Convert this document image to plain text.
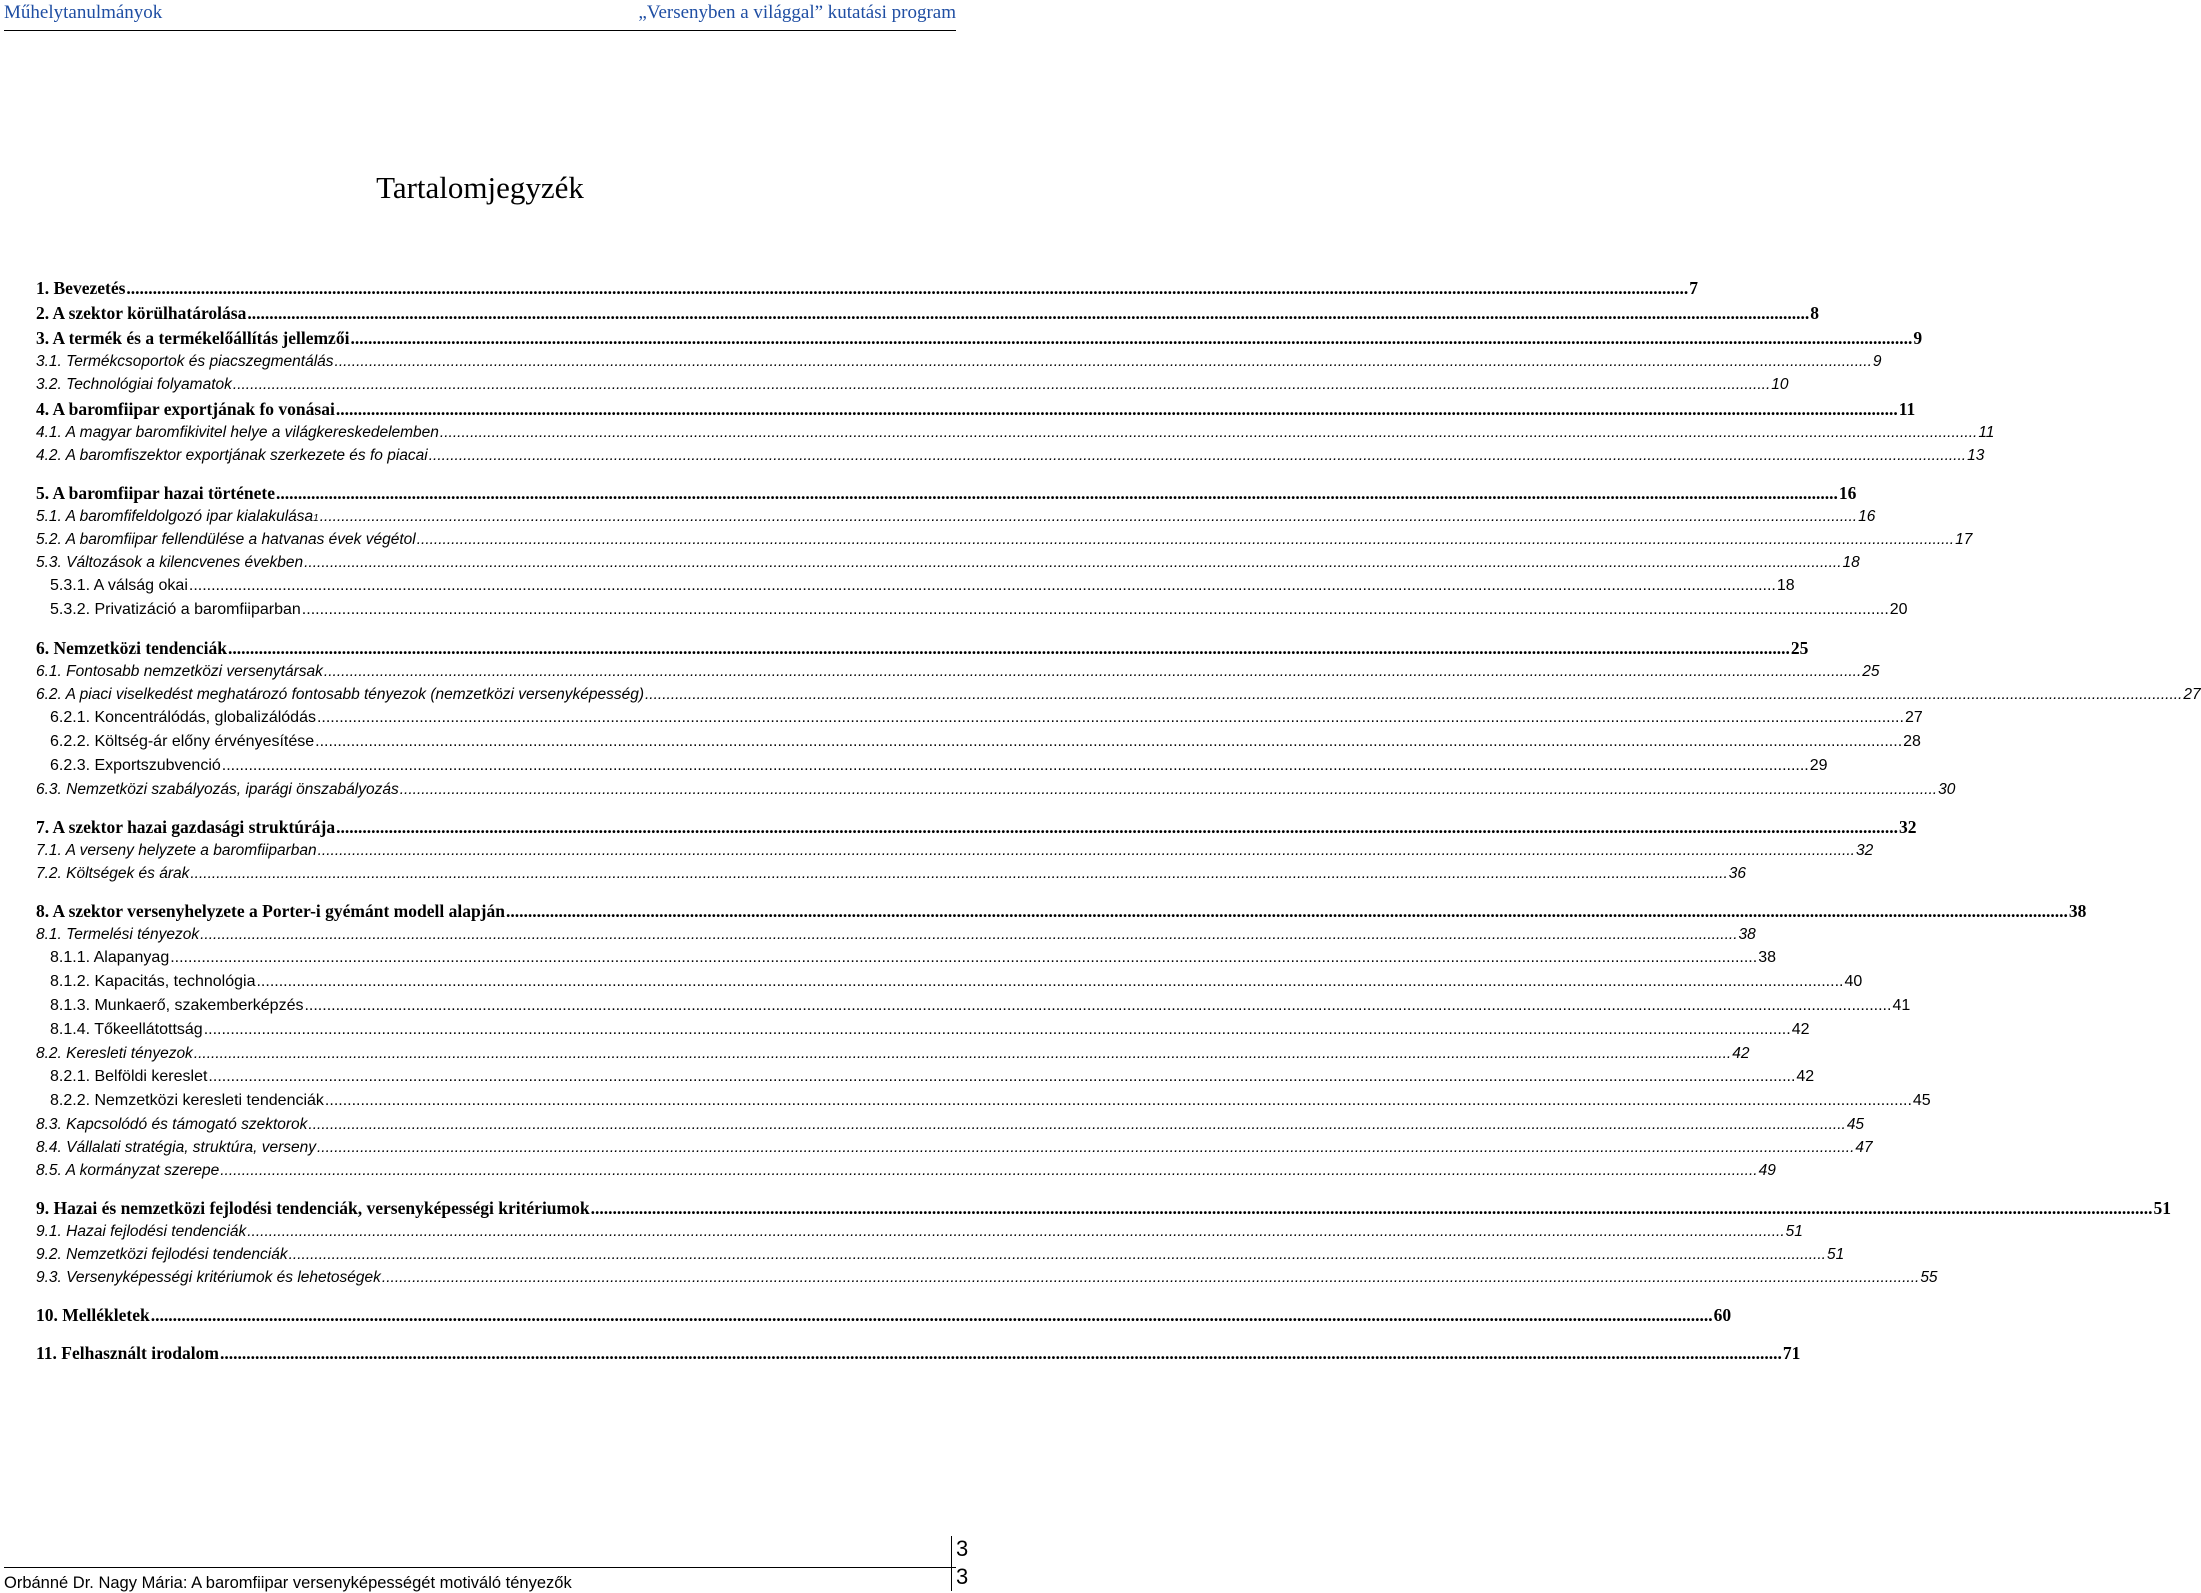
Műhelytanulmányok	„Versenyben a világgal” kutatási program
Tartalomjegyzék
1. Bevezetés .....	7
2. A szektor körülhatárolása .....	8
3. A termék és a termékelőállítás jellemzői .....	9
3.1. Termékcsoportok és piacszegmentálás .....	9
3.2. Technológiai folyamatok .....	10
4. A baromfiipar exportjának fo vonásai .....	11
4.1. A magyar baromfikivitel helye a világkereskedelemben .....	11
4.2. A baromfiszektor exportjának szerkezete és fo piacai .....	13
5. A baromfiipar hazai története .....	16
5.1. A baromfifeldolgozó ipar kialakulása 1 .....	16
5.2. A baromfiipar fellendülése a hatvanas évek végétol .....	17
5.3. Változások a kilencvenes években .....	18
5.3.1. A válság okai .....	18
5.3.2. Privatizáció a baromfiiparban .....	20
6. Nemzetközi tendenciák .....	25
6.1. Fontosabb nemzetközi versenytársak .....	25
6.2. A piaci viselkedést meghatározó fontosabb tényezok (nemzetközi versenyképesség) .....	27
6.2.1. Koncentrálódás, globalizálódás .....	27
6.2.2. Költség-ár előny érvényesítése .....	28
6.2.3. Exportszubvenció .....	29
6.3. Nemzetközi szabályozás, iparági önszabályozás .....	30
7. A szektor hazai gazdasági struktúrája .....	32
7.1. A verseny helyzete a baromfiiparban .....	32
7.2. Költségek és árak .....	36
8. A szektor versenyhelyzete a Porter-i gyémánt modell alapján .....	38
8.1. Termelési tényezok .....	38
8.1.1. Alapanyag .....	38
8.1.2. Kapacitás, technológia .....	40
8.1.3. Munkaerő, szakemberképzés .....	41
8.1.4. Tőkeellátottság .....	42
8.2. Keresleti tényezok .....	42
8.2.1. Belföldi kereslet .....	42
8.2.2. Nemzetközi keresleti tendenciák .....	45
8.3. Kapcsolódó és támogató szektorok .....	45
8.4. Vállalati stratégia, struktúra, verseny .....	47
8.5. A kormányzat szerepe .....	49
9. Hazai és nemzetközi fejlodési tendenciák, versenyképességi kritériumok .....	51
9.1. Hazai fejlodési tendenciák .....	51
9.2. Nemzetközi fejlodési tendenciák .....	51
9.3. Versenyképességi kritériumok és lehetoségek .....	55
10. Mellékletek .....	60
11. Felhasznált irodalom .....	71
Orbánné Dr. Nagy Mária: A baromfiipar versenyképességét motiváló tényezők
3
3
